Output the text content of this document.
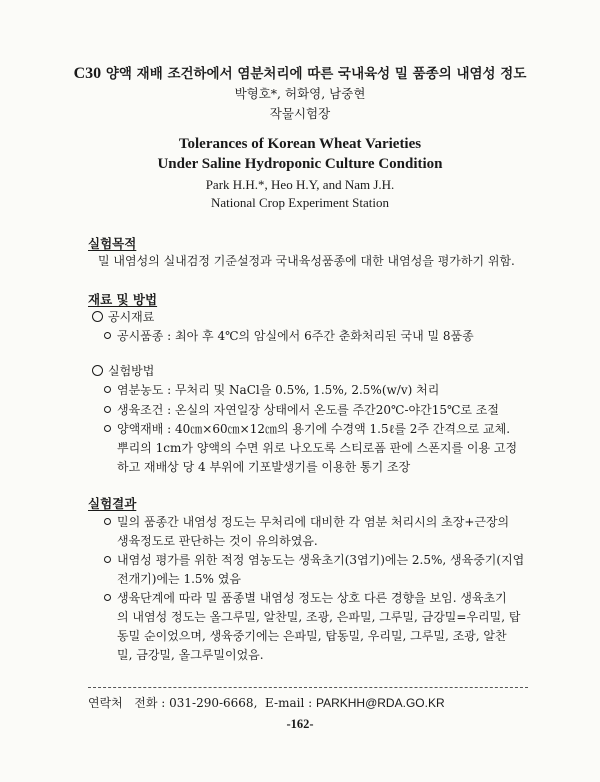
C30 양액 재배 조건하에서 염분처리에 따른 국내육성 밀 품종의 내염성 정도
박형호*, 허화영, 남중현
작물시험장
Tolerances of Korean Wheat Varieties
Under Saline Hydroponic Culture Condition
Park H.H.*, Heo H.Y, and Nam J.H.
National Crop Experiment Station
실험목적
밀 내염성의 실내검정 기준설정과 국내육성품종에 대한 내염성을 평가하기 위함.
재료 및 방법
공시재료
공시품종 : 최아 후 4℃의 암실에서 6주간 춘화처리된 국내 밀 8품종
실험방법
염분농도 : 무처리 및 NaCl을 0.5%, 1.5%, 2.5%(w/v) 처리
생육조건 : 온실의 자연일장 상태에서 온도를 주간20℃-야간15℃로 조절
양액재배 : 40㎝×60㎝×12㎝의 용기에 수경액 1.5ℓ를 2주 간격으로 교체.
뿌리의 1cm가 양액의 수면 위로 나오도록 스티로폼 판에 스폰지를 이용 고정
하고 재배상 당 4 부위에 기포발생기를 이용한 통기 조장
실험결과
밀의 품종간 내염성 정도는 무처리에 대비한 각 염분 처리시의 초장+근장의
생육정도로 판단하는 것이 유의하였음.
내염성 평가를 위한 적정 염농도는 생육초기(3엽기)에는 2.5%, 생육중기(지엽
전개기)에는 1.5% 였음
생육단계에 따라 밀 품종별 내염성 정도는 상호 다른 경향을 보임. 생육초기
의 내염성 정도는 올그루밀, 알찬밀, 조광, 은파밀, 그루밀, 금강밀=우리밀, 탑
동밀 순이었으며, 생육중기에는 은파밀, 탑동밀, 우리밀, 그루밀, 조광, 알찬
밀, 금강밀, 올그루밀이었음.
연락처 전화 : 031-290-6668, E-mail : PARKHH@RDA.GO.KR
-162-
